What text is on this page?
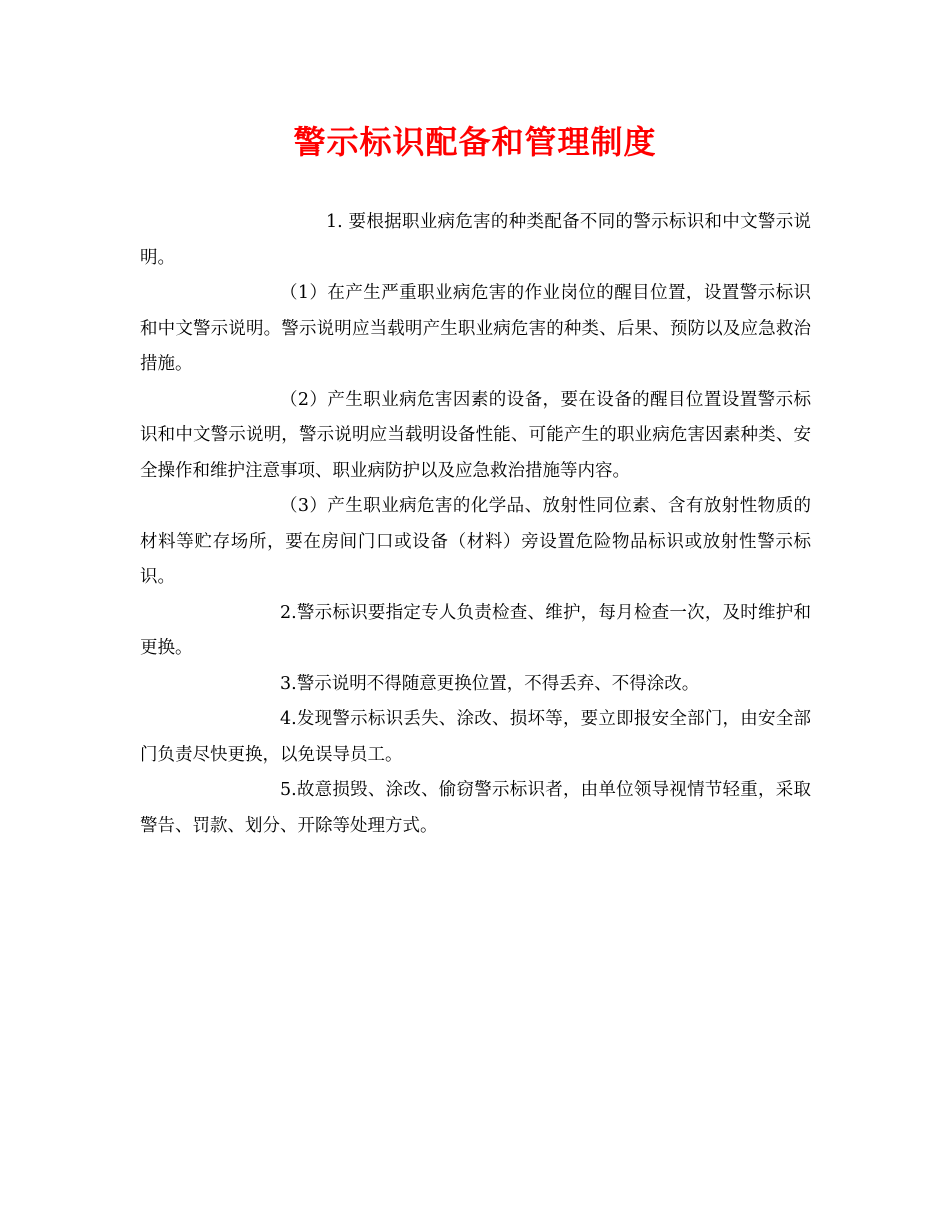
警示标识配备和管理制度

1. 要根据职业病危害的种类配备不同的警示标识和中文警示说明。

（1）在产生严重职业病危害的作业岗位的醒目位置，设置警示标识和中文警示说明。警示说明应当载明产生职业病危害的种类、后果、预防以及应急救治措施。

（2）产生职业病危害因素的设备，要在设备的醒目位置设置警示标识和中文警示说明，警示说明应当载明设备性能、可能产生的职业病危害因素种类、安全操作和维护注意事项、职业病防护以及应急救治措施等内容。

（3）产生职业病危害的化学品、放射性同位素、含有放射性物质的材料等贮存场所，要在房间门口或设备（材料）旁设置危险物品标识或放射性警示标识。

2.警示标识要指定专人负责检查、维护，每月检查一次，及时维护和更换。

3.警示说明不得随意更换位置，不得丢弃、不得涂改。

4.发现警示标识丢失、涂改、损坏等，要立即报安全部门，由安全部门负责尽快更换，以免误导员工。

5.故意损毁、涂改、偷窃警示标识者，由单位领导视情节轻重，采取警告、罚款、划分、开除等处理方式。
